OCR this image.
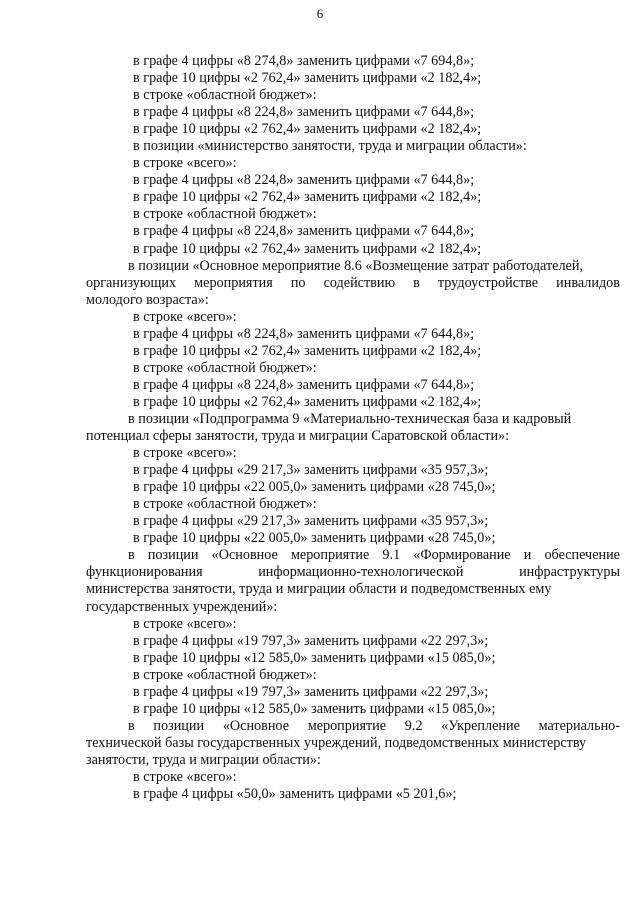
6
в графе 4 цифры «8 274,8» заменить цифрами «7 694,8»;
в графе 10 цифры «2 762,4» заменить цифрами «2 182,4»;
в строке «областной бюджет»:
в графе 4 цифры «8 224,8» заменить цифрами «7 644,8»;
в графе 10 цифры «2 762,4» заменить цифрами «2 182,4»;
в позиции «министерство занятости, труда и миграции области»:
в строке «всего»:
в графе 4 цифры «8 224,8» заменить цифрами «7 644,8»;
в графе 10 цифры «2 762,4» заменить цифрами «2 182,4»;
в строке «областной бюджет»:
в графе 4 цифры «8 224,8» заменить цифрами «7 644,8»;
в графе 10 цифры «2 762,4» заменить цифрами «2 182,4»;
в позиции «Основное мероприятие 8.6 «Возмещение затрат работодателей,
организующих мероприятия по содействию в трудоустройстве инвалидов
молодого возраста»:
в строке «всего»:
в графе 4 цифры «8 224,8» заменить цифрами «7 644,8»;
в графе 10 цифры «2 762,4» заменить цифрами «2 182,4»;
в строке «областной бюджет»:
в графе 4 цифры «8 224,8» заменить цифрами «7 644,8»;
в графе 10 цифры «2 762,4» заменить цифрами «2 182,4»;
в позиции «Подпрограмма 9 «Материально-техническая база и кадровый
потенциал сферы занятости, труда и миграции Саратовской области»:
в строке «всего»:
в графе 4 цифры «29 217,3» заменить цифрами «35 957,3»;
в графе 10 цифры «22 005,0» заменить цифрами «28 745,0»;
в строке «областной бюджет»:
в графе 4 цифры «29 217,3» заменить цифрами «35 957,3»;
в графе 10 цифры «22 005,0» заменить цифрами «28 745,0»;
в позиции «Основное мероприятие 9.1 «Формирование и обеспечение
функционирования	информационно-технологической	инфраструктуры
министерства занятости, труда и миграции области и подведомственных ему
государственных учреждений»:
в строке «всего»:
в графе 4 цифры «19 797,3» заменить цифрами «22 297,3»;
в графе 10 цифры «12 585,0» заменить цифрами «15 085,0»;
в строке «областной бюджет»:
в графе 4 цифры «19 797,3» заменить цифрами «22 297,3»;
в графе 10 цифры «12 585,0» заменить цифрами «15 085,0»;
в позиции «Основное мероприятие 9.2 «Укрепление материально-
технической базы государственных учреждений, подведомственных министерству
занятости, труда и миграции области»:
в строке «всего»:
в графе 4 цифры «50,0» заменить цифрами «5 201,6»;
